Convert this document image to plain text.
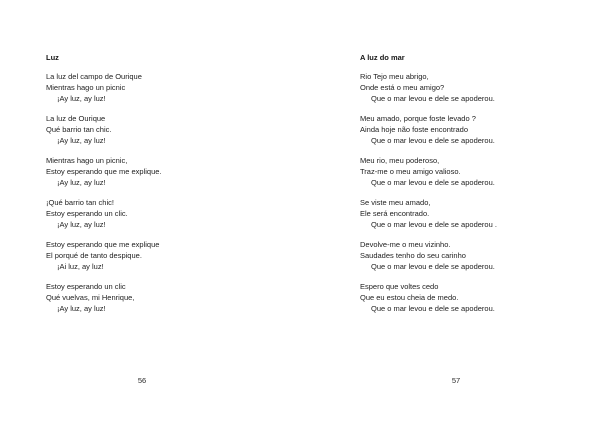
Luz

La luz del campo de Ourique
Mientras hago un picnic
¡Ay luz, ay luz!

La luz de Ourique
Qué barrio tan chic.
¡Ay luz, ay luz!

Mientras hago un picnic,
Estoy esperando que me explique.
¡Ay luz, ay luz!

¡Qué barrio tan chic!
Estoy esperando un clic.
¡Ay luz, ay luz!

Estoy esperando que me explique
El porqué de tanto despique.
¡Ai luz, ay luz!

Estoy esperando un clic
Qué vuelvas, mi Henrique,
¡Ay luz, ay luz!

56
A luz do mar

Rio Tejo meu abrigo,
Onde está o meu amigo?
Que o mar levou e dele se apoderou.

Meu amado, porque foste levado ?
Ainda hoje não foste encontrado
Que o mar levou e dele se apoderou.

Meu rio, meu poderoso,
Traz-me o meu amigo valioso.
Que o mar levou e dele se apoderou.

Se viste meu amado,
Ele será encontrado.
Que o mar levou e dele se apoderou .

Devolve-me o meu vizinho.
Saudades tenho do seu carinho
Que o mar levou e dele se apoderou.

Espero que voltes cedo
Que eu estou cheia de medo.
Que o mar levou e dele se apoderou.

57
